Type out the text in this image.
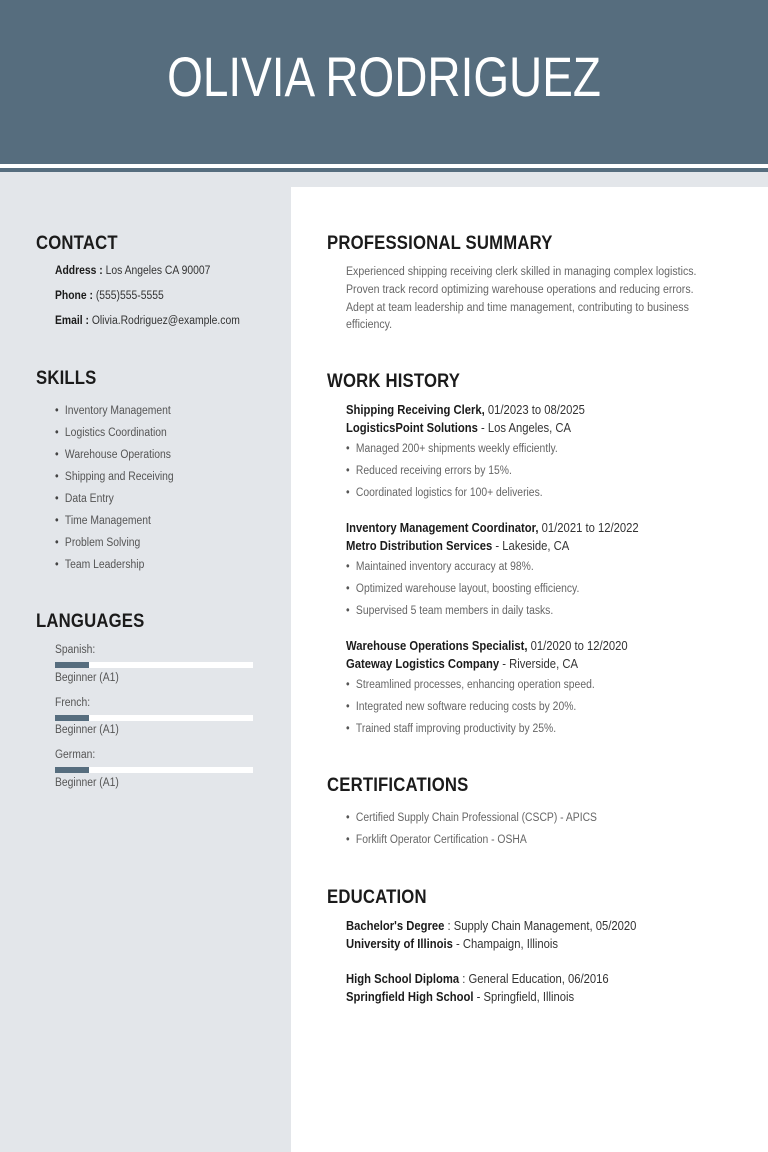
OLIVIA RODRIGUEZ
CONTACT
Address : Los Angeles CA 90007
Phone : (555)555-5555
Email : Olivia.Rodriguez@example.com
SKILLS
• Inventory Management
• Logistics Coordination
• Warehouse Operations
• Shipping and Receiving
• Data Entry
• Time Management
• Problem Solving
• Team Leadership
LANGUAGES
Spanish:
Beginner (A1)
French:
Beginner (A1)
German:
Beginner (A1)
PROFESSIONAL SUMMARY
Experienced shipping receiving clerk skilled in managing complex logistics. Proven track record optimizing warehouse operations and reducing errors. Adept at team leadership and time management, contributing to business efficiency.
WORK HISTORY
Shipping Receiving Clerk, 01/2023 to 08/2025
LogisticsPoint Solutions - Los Angeles, CA
• Managed 200+ shipments weekly efficiently.
• Reduced receiving errors by 15%.
• Coordinated logistics for 100+ deliveries.
Inventory Management Coordinator, 01/2021 to 12/2022
Metro Distribution Services - Lakeside, CA
• Maintained inventory accuracy at 98%.
• Optimized warehouse layout, boosting efficiency.
• Supervised 5 team members in daily tasks.
Warehouse Operations Specialist, 01/2020 to 12/2020
Gateway Logistics Company - Riverside, CA
• Streamlined processes, enhancing operation speed.
• Integrated new software reducing costs by 20%.
• Trained staff improving productivity by 25%.
CERTIFICATIONS
• Certified Supply Chain Professional (CSCP) - APICS
• Forklift Operator Certification - OSHA
EDUCATION
Bachelor's Degree : Supply Chain Management, 05/2020
University of Illinois - Champaign, Illinois
High School Diploma : General Education, 06/2016
Springfield High School - Springfield, Illinois
